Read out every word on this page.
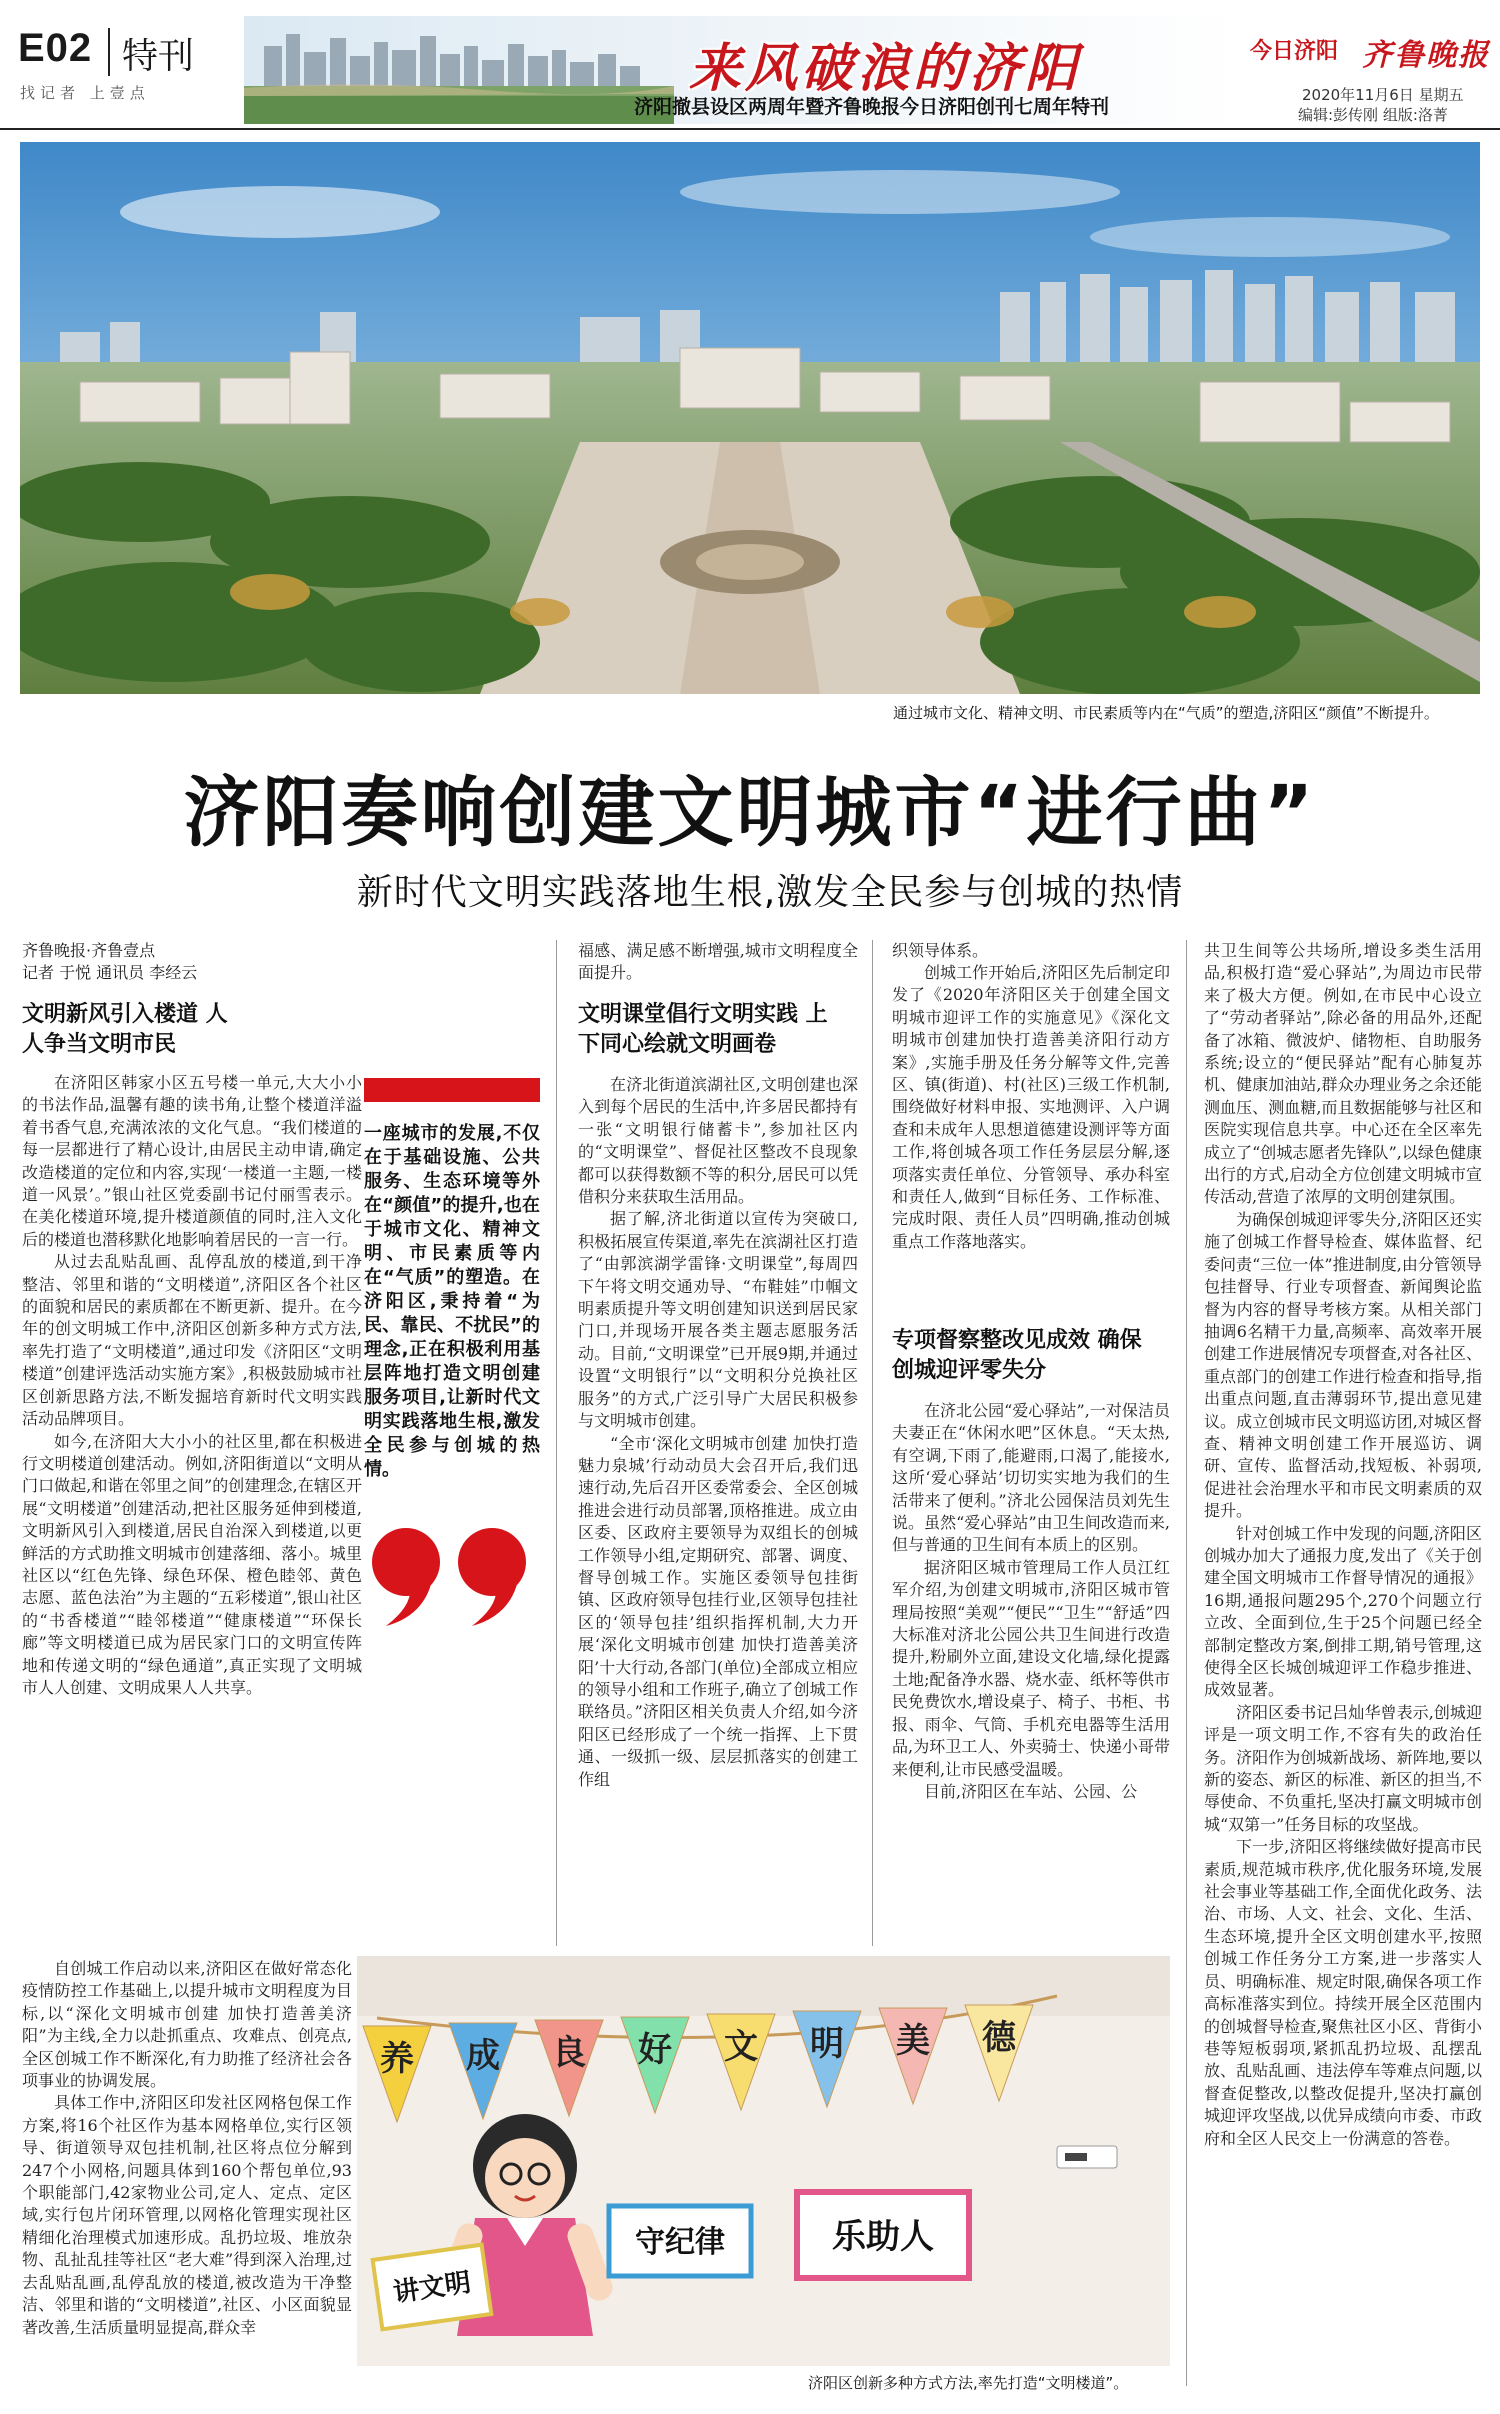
E02 特刊
找记者 上壹点	来风破浪的济阳
济阳撤县设区两周年暨齐鲁晚报今日济阳创刊七周年特刊
今日济阳 齐鲁晚报
2020年11月6日 星期五
编辑:彭传刚 组版:洛菁
通过城市文化、精神文明、市民素质等内在“气质”的塑造,济阳区“颜值”不断提升。
济阳奏响创建文明城市“进行曲”
新时代文明实践落地生根,激发全民参与创城的热情
齐鲁晚报·齐鲁壹点
记者 于悦 通讯员 李经云
文明新风引入楼道 人人争当文明市民

在济阳区韩家小区五号楼一单元,大大小小的书法作品,温馨有趣的读书角,让整个楼道洋溢着书香气息,充满浓浓的文化气息。“我们楼道的每一层都进行了精心设计,由居民主动申请,确定改造楼道的定位和内容,实现‘一楼道一主题,一楼道一风景’。”银山社区党委副书记付丽雪表示。在美化楼道环境,提升楼道颜值的同时,注入文化后的楼道也潜移默化地影响着居民的一言一行。

从过去乱贴乱画、乱停乱放的楼道,到干净整洁、邻里和谐的“文明楼道”,济阳区各个社区的面貌和居民的素质都在不断更新、提升。在今年的创文明城工作中,济阳区创新多种方式方法,率先打造了“文明楼道”,通过印发《济阳区“文明楼道”创建评选活动实施方案》,积极鼓励城市社区创新思路方法,不断发掘培育新时代文明实践活动品牌项目。

如今,在济阳大大小小的社区里,都在积极进行文明楼道创建活动。例如,济阳街道以“文明从门口做起,和谐在邻里之间”的创建理念,在辖区开展“文明楼道”创建活动,把社区服务延伸到楼道,文明新风引入到楼道,居民自治深入到楼道,以更鲜活的方式助推文明城市创建落细、落小。城里社区以“红色先锋、绿色环保、橙色睦邻、黄色志愿、蓝色法治”为主题的“五彩楼道”,银山社区的“书香楼道”“睦邻楼道”“健康楼道”“环保长廊”等文明楼道已成为居民家门口的文明宣传阵地和传递文明的“绿色通道”,真正实现了文明城市人人创建、文明成果人人共享。

自创城工作启动以来,济阳区在做好常态化疫情防控工作基础上,以提升城市文明程度为目标,以“深化文明城市创建 加快打造善美济阳”为主线,全力以赴抓重点、攻难点、创亮点,全区创城工作不断深化,有力助推了经济社会各项事业的协调发展。

具体工作中,济阳区印发社区网格包保工作方案,将16个社区作为基本网格单位,实行区领导、街道领导双包挂机制,社区将点位分解到247个小网格,问题具体到160个帮包单位,93个职能部门,42家物业公司,定人、定点、定区域,实行包片闭环管理,以网格化管理实现社区精细化治理模式加速形成。乱扔垃圾、堆放杂物、乱扯乱挂等社区“老大难”得到深入治理,过去乱贴乱画,乱停乱放的楼道,被改造为干净整洁、邻里和谐的“文明楼道”,社区、小区面貌显著改善,生活质量明显提高,群众幸

一座城市的发展,不仅在于基础设施、公共服务、生态环境等外在“颜值”的提升,也在于城市文化、精神文明、市民素质等内在“气质”的塑造。在济阳区,秉持着“为民、靠民、不扰民”的理念,正在积极利用基层阵地打造文明创建服务项目,让新时代文明实践落地生根,激发全民参与创城的热情。

福感、满足感不断增强,城市文明程度全面提升。

文明课堂倡行文明实践 上下同心绘就文明画卷

在济北街道滨湖社区,文明创建也深入到每个居民的生活中,许多居民都持有一张“文明银行储蓄卡”,参加社区内的“文明课堂”、督促社区整改不良现象都可以获得数额不等的积分,居民可以凭借积分来获取生活用品。

据了解,济北街道以宣传为突破口,积极拓展宣传渠道,率先在滨湖社区打造了“由郭滨湖学雷锋·文明课堂”,每周四下午将文明交通劝导、“布鞋娃”巾帼文明素质提升等文明创建知识送到居民家门口,并现场开展各类主题志愿服务活动。目前,“文明课堂”已开展9期,并通过设置“文明银行”以“文明积分兑换社区服务”的方式,广泛引导广大居民积极参与文明城市创建。

“全市‘深化文明城市创建 加快打造魅力泉城’行动动员大会召开后,我们迅速行动,先后召开区委常委会、全区创城推进会进行动员部署,顶格推进。成立由区委、区政府主要领导为双组长的创城工作领导小组,定期研究、部署、调度、督导创城工作。实施区委领导包挂街镇、区政府领导包挂行业,区领导包挂社区的‘领导包挂’组织指挥机制,大力开展‘深化文明城市创建 加快打造善美济阳’十大行动,各部门(单位)全部成立相应的领导小组和工作班子,确立了创城工作联络员。”济阳区相关负责人介绍,如今济阳区已经形成了一个统一指挥、上下贯通、一级抓一级、层层抓落实的创建工作组

织领导体系。

创城工作开始后,济阳区先后制定印发了《2020年济阳区关于创建全国文明城市迎评工作的实施意见》《深化文明城市创建加快打造善美济阳行动方案》,实施手册及任务分解等文件,完善区、镇(街道)、村(社区)三级工作机制,围绕做好材料申报、实地测评、入户调查和未成年人思想道德建设测评等方面工作,将创城各项工作任务层层分解,逐项落实责任单位、分管领导、承办科室和责任人,做到“目标任务、工作标准、完成时限、责任人员”四明确,推动创城重点工作落地落实。

专项督察整改见成效 确保创城迎评零失分

在济北公园“爱心驿站”,一对保洁员夫妻正在“休闲水吧”区休息。“天太热,有空调,下雨了,能避雨,口渴了,能接水,这所‘爱心驿站’切切实实地为我们的生活带来了便利。”济北公园保洁员刘先生说。虽然“爱心驿站”由卫生间改造而来,但与普通的卫生间有本质上的区别。

据济阳区城市管理局工作人员江红军介绍,为创建文明城市,济阳区城市管理局按照“美观”“便民”“卫生”“舒适”四大标准对济北公园公共卫生间进行改造提升,粉刷外立面,建设文化墙,绿化提露土地;配备净水器、烧水壶、纸杯等供市民免费饮水,增设桌子、椅子、书柜、书报、雨伞、气筒、手机充电器等生活用品,为环卫工人、外卖骑士、快递小哥带来便利,让市民感受温暖。

目前,济阳区在车站、公园、公

共卫生间等公共场所,增设多类生活用品,积极打造“爱心驿站”,为周边市民带来了极大方便。例如,在市民中心设立了“劳动者驿站”,除必备的用品外,还配备了冰箱、微波炉、储物柜、自助服务系统;设立的“便民驿站”配有心肺复苏机、健康加油站,群众办理业务之余还能测血压、测血糖,而且数据能够与社区和医院实现信息共享。中心还在全区率先成立了“创城志愿者先锋队”,以绿色健康出行的方式,启动全方位创建文明城市宣传活动,营造了浓厚的文明创建氛围。

为确保创城迎评零失分,济阳区还实施了创城工作督导检查、媒体监督、纪委问责“三位一体”推进制度,由分管领导包挂督导、行业专项督查、新闻舆论监督为内容的督导考核方案。从相关部门抽调6名精干力量,高频率、高效率开展创建工作进展情况专项督查,对各社区、重点部门的创建工作进行检查和指导,指出重点问题,直击薄弱环节,提出意见建议。成立创城市民文明巡访团,对城区督查、精神文明创建工作开展巡访、调研、宣传、监督活动,找短板、补弱项,促进社会治理水平和市民文明素质的双提升。

针对创城工作中发现的问题,济阳区创城办加大了通报力度,发出了《关于创建全国文明城市工作督导情况的通报》16期,通报问题295个,270个问题立行立改、全面到位,生于25个问题已经全部制定整改方案,倒排工期,销号管理,这使得全区长城创城迎评工作稳步推进、成效显著。

济阳区委书记吕灿华曾表示,创城迎评是一项文明工作,不容有失的政治任务。济阳作为创城新战场、新阵地,要以新的姿态、新区的标准、新区的担当,不辱使命、不负重托,坚决打赢文明城市创城“双第一”任务目标的攻坚战。

下一步,济阳区将继续做好提高市民素质,规范城市秩序,优化服务环境,发展社会事业等基础工作,全面优化政务、法治、市场、人文、社会、文化、生活、生态环境,提升全区文明创建水平,按照创城工作任务分工方案,进一步落实人员、明确标准、规定时限,确保各项工作高标准落实到位。持续开展全区范围内的创城督导检查,聚焦社区小区、背街小巷等短板弱项,紧抓乱扔垃圾、乱摆乱放、乱贴乱画、违法停车等难点问题,以督查促整改,以整改促提升,坚决打赢创城迎评攻坚战,以优异成绩向市委、市政府和全区人民交上一份满意的答卷。

养 成 良 好 文 明 美 德
讲文明
守纪律	乐助人
济阳区创新多种方式方法,率先打造“文明楼道”。
